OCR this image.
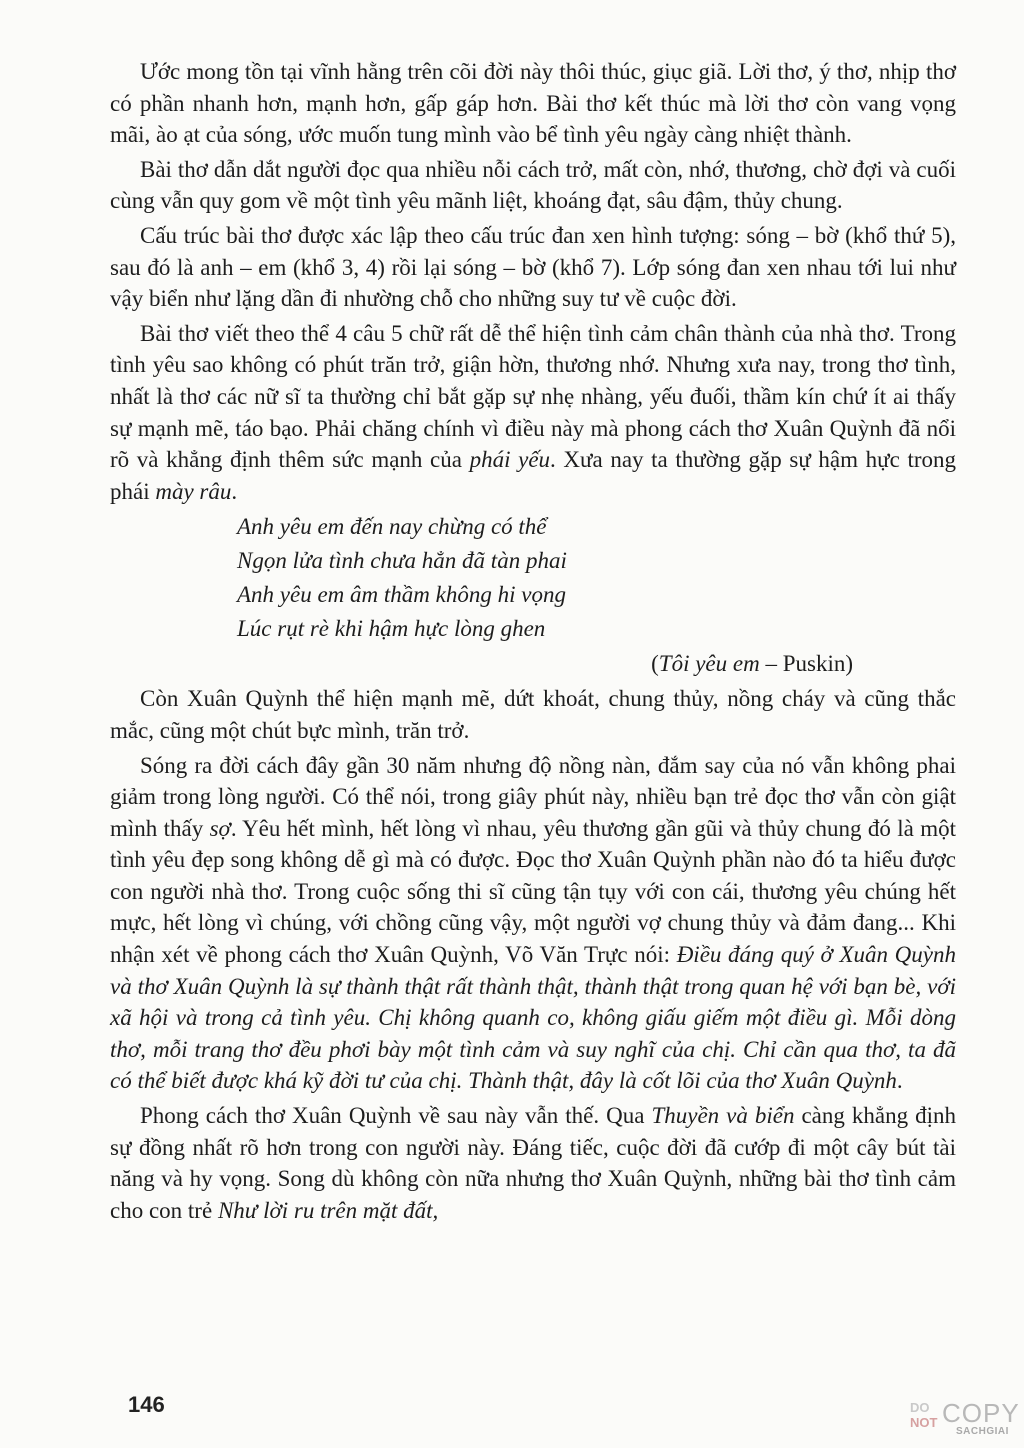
Ước mong tồn tại vĩnh hằng trên cõi đời này thôi thúc, giục giã. Lời thơ, ý thơ, nhịp thơ có phần nhanh hơn, mạnh hơn, gấp gáp hơn. Bài thơ kết thúc mà lời thơ còn vang vọng mãi, ào ạt của sóng, ước muốn tung mình vào bể tình yêu ngày càng nhiệt thành.

Bài thơ dẫn dắt người đọc qua nhiều nỗi cách trở, mất còn, nhớ, thương, chờ đợi và cuối cùng vẫn quy gom về một tình yêu mãnh liệt, khoáng đạt, sâu đậm, thủy chung.

Cấu trúc bài thơ được xác lập theo cấu trúc đan xen hình tượng: sóng – bờ (khổ thứ 5), sau đó là anh – em (khổ 3, 4) rồi lại sóng – bờ (khổ 7). Lớp sóng đan xen nhau tới lui như vậy biển như lặng dần đi nhường chỗ cho những suy tư về cuộc đời.

Bài thơ viết theo thể 4 câu 5 chữ rất dễ thể hiện tình cảm chân thành của nhà thơ. Trong tình yêu sao không có phút trăn trở, giận hờn, thương nhớ. Nhưng xưa nay, trong thơ tình, nhất là thơ các nữ sĩ ta thường chỉ bắt gặp sự nhẹ nhàng, yếu đuối, thầm kín chứ ít ai thấy sự mạnh mẽ, táo bạo. Phải chăng chính vì điều này mà phong cách thơ Xuân Quỳnh đã nổi rõ và khẳng định thêm sức mạnh của phái yếu. Xưa nay ta thường gặp sự hậm hực trong phái mày râu.

Anh yêu em đến nay chừng có thể
Ngọn lửa tình chưa hẳn đã tàn phai
Anh yêu em âm thầm không hi vọng
Lúc rụt rè khi hậm hực lòng ghen
(Tôi yêu em – Puskin)

Còn Xuân Quỳnh thể hiện mạnh mẽ, dứt khoát, chung thủy, nồng cháy và cũng thắc mắc, cũng một chút bực mình, trăn trở.

Sóng ra đời cách đây gần 30 năm nhưng độ nồng nàn, đắm say của nó vẫn không phai giảm trong lòng người. Có thể nói, trong giây phút này, nhiều bạn trẻ đọc thơ vẫn còn giật mình thấy sợ. Yêu hết mình, hết lòng vì nhau, yêu thương gần gũi và thủy chung đó là một tình yêu đẹp song không dễ gì mà có được. Đọc thơ Xuân Quỳnh phần nào đó ta hiểu được con người nhà thơ. Trong cuộc sống thi sĩ cũng tận tụy với con cái, thương yêu chúng hết mực, hết lòng vì chúng, với chồng cũng vậy, một người vợ chung thủy và đảm đang... Khi nhận xét về phong cách thơ Xuân Quỳnh, Võ Văn Trực nói: Điều đáng quý ở Xuân Quỳnh và thơ Xuân Quỳnh là sự thành thật rất thành thật, thành thật trong quan hệ với bạn bè, với xã hội và trong cả tình yêu. Chị không quanh co, không giấu giếm một điều gì. Mỗi dòng thơ, mỗi trang thơ đều phơi bày một tình cảm và suy nghĩ của chị. Chỉ cần qua thơ, ta đã có thể biết được khá kỹ đời tư của chị. Thành thật, đây là cốt lõi của thơ Xuân Quỳnh.

Phong cách thơ Xuân Quỳnh về sau này vẫn thế. Qua Thuyền và biển càng khẳng định sự đồng nhất rõ hơn trong con người này. Đáng tiếc, cuộc đời đã cướp đi một cây bút tài năng và hy vọng. Song dù không còn nữa nhưng thơ Xuân Quỳnh, những bài thơ tình cảm cho con trẻ Như lời ru trên mặt đất,

146	DO
NOT COPY
SACHGIAI
